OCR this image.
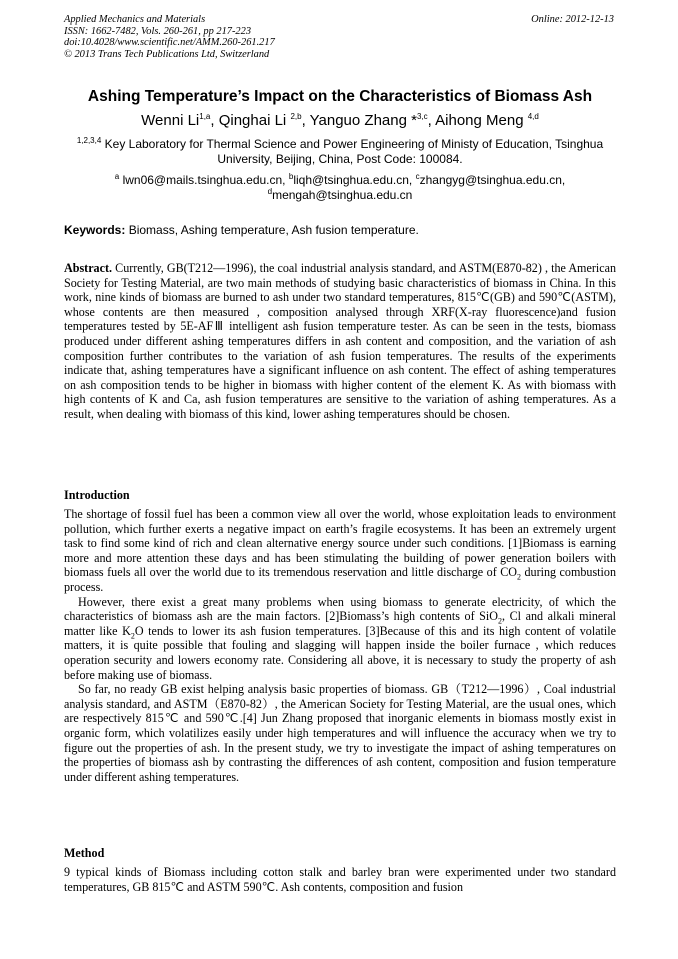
Applied Mechanics and Materials
ISSN: 1662-7482, Vols. 260-261, pp 217-223
doi:10.4028/www.scientific.net/AMM.260-261.217
© 2013 Trans Tech Publications Ltd, Switzerland
Online: 2012-12-13
Ashing Temperature’s Impact on the Characteristics of Biomass Ash
Wenni Li$^{1,a}$, Qinghai Li $^{2,b}$, Yanguo Zhang *$^{3,c}$, Aihong Meng $^{4,d}$
$^{1,2,3,4}$ Key Laboratory for Thermal Science and Power Engineering of Ministy of Education, Tsinghua
University, Beijing, China, Post Code: 100084.
$^a$ lwn06@mails.tsinghua.edu.cn, $^b$liqh@tsinghua.edu.cn, $^c$zhangyg@tsinghua.edu.cn,
$^d$mengah@tsinghua.edu.cn
Keywords: Biomass, Ashing temperature, Ash fusion temperature.

Abstract. Currently, GB(T212—1996), the coal industrial analysis standard, and ASTM(E870-82) , the American Society for Testing Material, are two main methods of studying basic characteristics of biomass in China. In this work, nine kinds of biomass are burned to ash under two standard temperatures, 815℃(GB) and 590℃(ASTM), whose contents are then measured , composition analysed through XRF(X-ray fluorescence)and fusion temperatures tested by 5E-AFⅢ intelligent ash fusion temperature tester. As can be seen in the tests, biomass produced under different ashing temperatures differs in ash content and composition, and the variation of ash composition further contributes to the variation of ash fusion temperatures. The results of the experiments indicate that, ashing temperatures have a significant influence on ash content. The effect of ashing temperatures on ash composition tends to be higher in biomass with higher content of the element K. As with biomass with high contents of K and Ca, ash fusion temperatures are sensitive to the variation of ashing temperatures. As a result, when dealing with biomass of this kind, lower ashing temperatures should be chosen.

Introduction

The shortage of fossil fuel has been a common view all over the world, whose exploitation leads to environment pollution, which further exerts a negative impact on earth’s fragile ecosystems. It has been an extremely urgent task to find some kind of rich and clean alternative energy source under such conditions. [1]Biomass is earning more and more attention these days and has been stimulating the building of power generation boilers with biomass fuels all over the world due to its tremendous reservation and little discharge of $CO_2$ during combustion process.

However, there exist a great many problems when using biomass to generate electricity, of which the characteristics of biomass ash are the main factors. [2]Biomass’s high contents of SiO$_2$, Cl and alkali mineral matter like $K_2O$ tends to lower its ash fusion temperatures. [3]Because of this and its high content of volatile matters, it is quite possible that fouling and slagging will happen inside the boiler furnace , which reduces operation security and lowers economy rate. Considering all above, it is necessary to study the property of ash before making use of biomass.

So far, no ready GB exist helping analysis basic properties of biomass. GB（T212—1996）, Coal industrial analysis standard, and ASTM（E870-82）, the American Society for Testing Material, are the usual ones, which are respectively 815℃ and 590℃.[4] Jun Zhang proposed that inorganic elements in biomass mostly exist in organic form, which volatilizes easily under high temperatures and will influence the accuracy when we try to figure out the properties of ash. In the present study, we try to investigate the impact of ashing temperatures on the properties of biomass ash by contrasting the differences of ash content, composition and fusion temperature under different ashing temperatures.

Method
9 typical kinds of Biomass including cotton stalk and barley bran were experimented under two standard temperatures, GB 815℃ and ASTM 590℃. Ash contents, composition and fusion
